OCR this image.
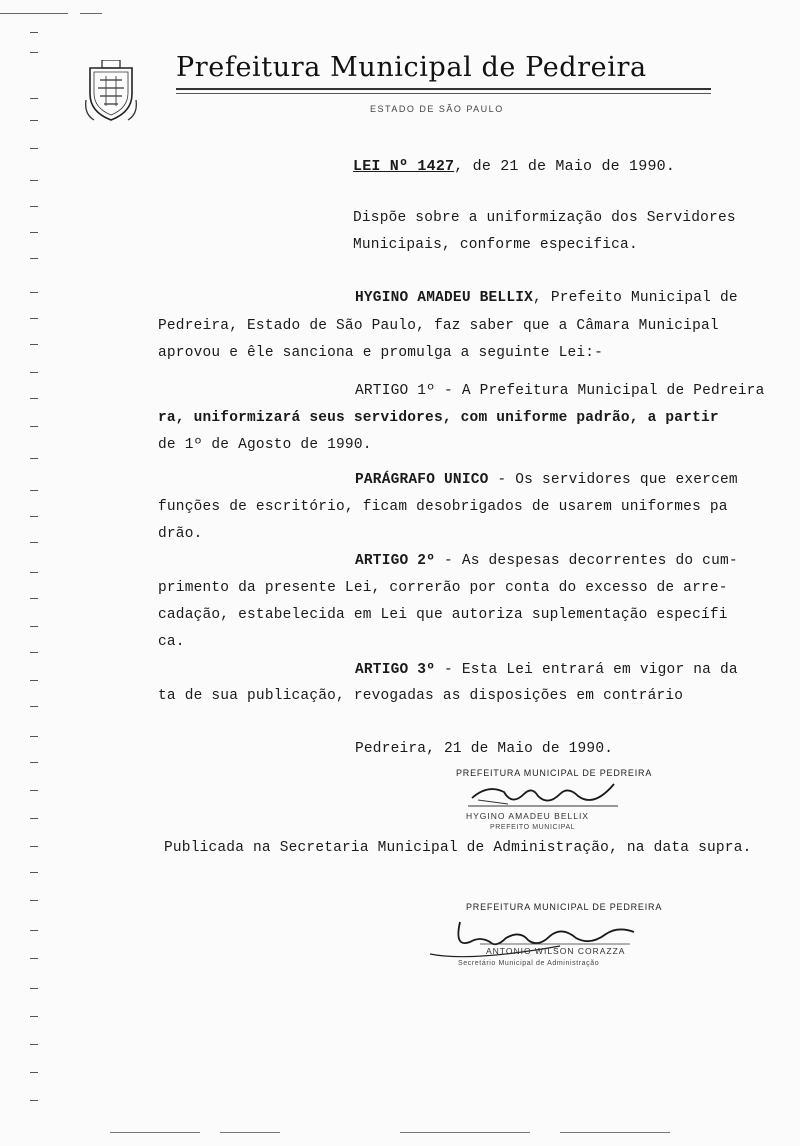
Prefeitura Municipal de Pedreira
ESTADO DE SÃO PAULO
LEI Nº 1427, de 21 de Maio de 1990.
Dispõe sobre a uniformização dos Servidores
Municipais, conforme especifica.
HYGINO AMADEU BELLIX, Prefeito Municipal de
Pedreira, Estado de São Paulo, faz saber que a Câmara Municipal
aprovou e êle sanciona e promulga a seguinte Lei:-
ARTIGO 1º - A Prefeitura Municipal de Pedreira
ra, uniformizará seus servidores, com uniforme padrão, a partir
de 1º de Agosto de 1990.
PARÁGRAFO UNICO - Os servidores que exercem
funções de escritório, ficam desobrigados de usarem uniformes pa
drão.
ARTIGO 2º - As despesas decorrentes do cum-
primento da presente Lei, correrão por conta do excesso de arre-
cadação, estabelecida em Lei que autoriza suplementação específi
ca.
ARTIGO 3º - Esta Lei entrará em vigor na da
ta de sua publicação, revogadas as disposições em contrário
Pedreira, 21 de Maio de 1990.
PREFEITURA MUNICIPAL DE PEDREIRA
HYGINO AMADEU BELLIX
PREFEITO MUNICIPAL
Publicada na Secretaria Municipal de Administração, na data supra.
PREFEITURA MUNICIPAL DE PEDREIRA
ANTONIO WILSON CORAZZA
Secretário Municipal de Administração
